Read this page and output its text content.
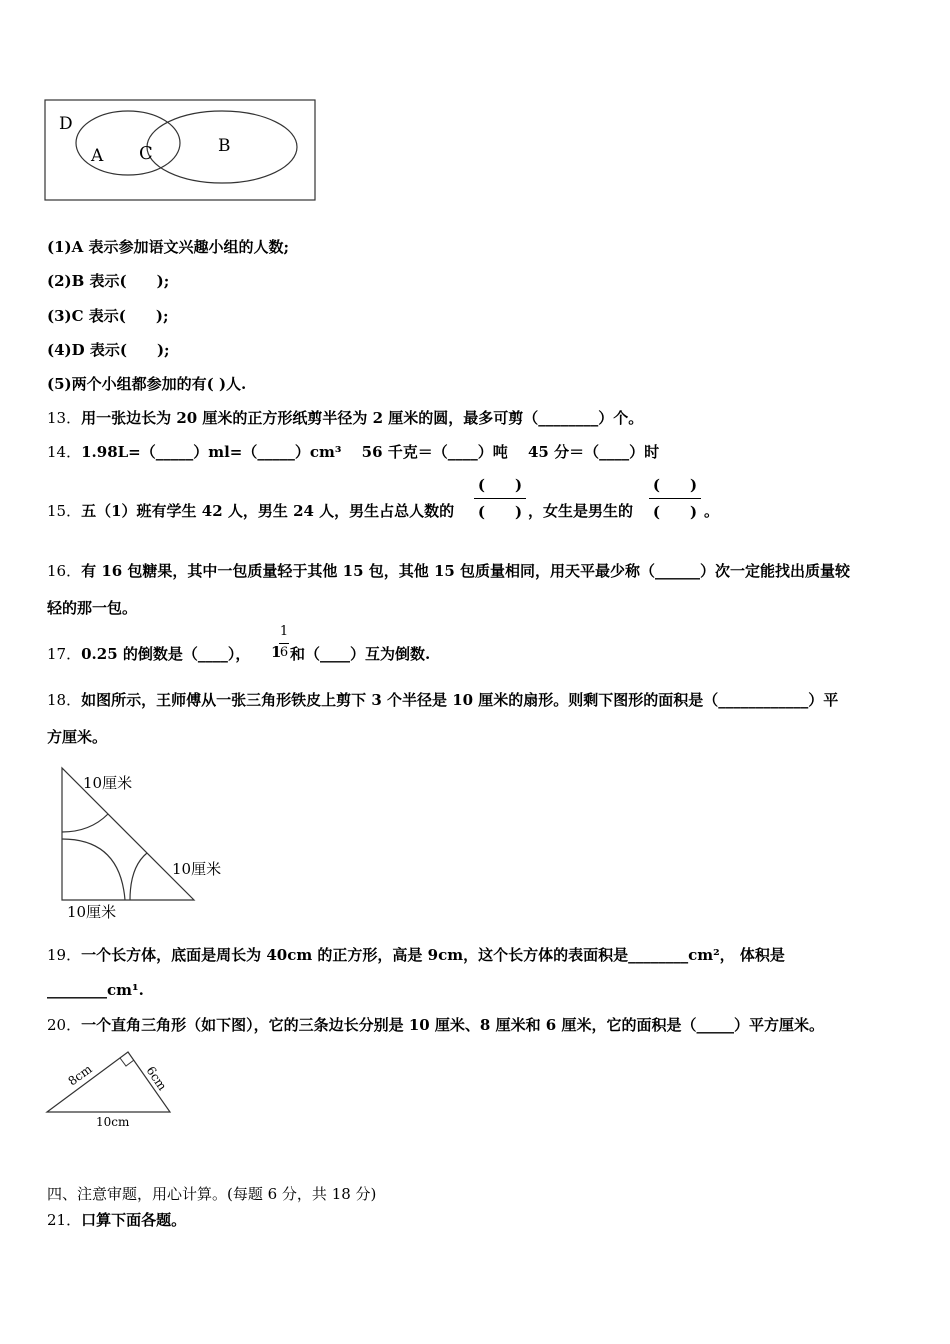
D
A C	B
(1)A 表示参加语文兴趣小组的人数;
(2)B 表示(　　);
(3)C 表示(　　);
(4)D 表示(　　);
(5)两个小组都参加的有( )人.
13．用一张边长为 20 厘米的正方形纸剪半径为 2 厘米的圆，最多可剪（________）个。
14．1.98L=（_____）ml=（_____）cm³　 56 千克＝（____）吨　 45 分＝（____）时
15．五（1）班有学生 42 人，男生 24 人，男生占总人数的
(　　)
(　　) ，女生是男生的
(　　)
(　　) 。
16．有 16 包糖果，其中一包质量轻于其他 15 包，其他 15 包质量相同，用天平最少称（______）次一定能找出质量较
轻的那一包。
17．0.25 的倒数是（____）， 1
1
6 和（____）互为倒数.
18．如图所示，王师傅从一张三角形铁皮上剪下 3 个半径是 10 厘米的扇形。则剩下图形的面积是（____________）平
方厘米。
10厘米
10厘米
10厘米
19．一个长方体，底面是周长为 40cm 的正方形，高是 9cm，这个长方体的表面积是________cm²， 体积是
________cm¹.
20．一个直角三角形（如下图），它的三条边长分别是 10 厘米、8 厘米和 6 厘米，它的面积是（_____）平方厘米。
8cm	6cm
10cm
四、注意审题，用心计算。(每题 6 分，共 18 分)
21．口算下面各题。
